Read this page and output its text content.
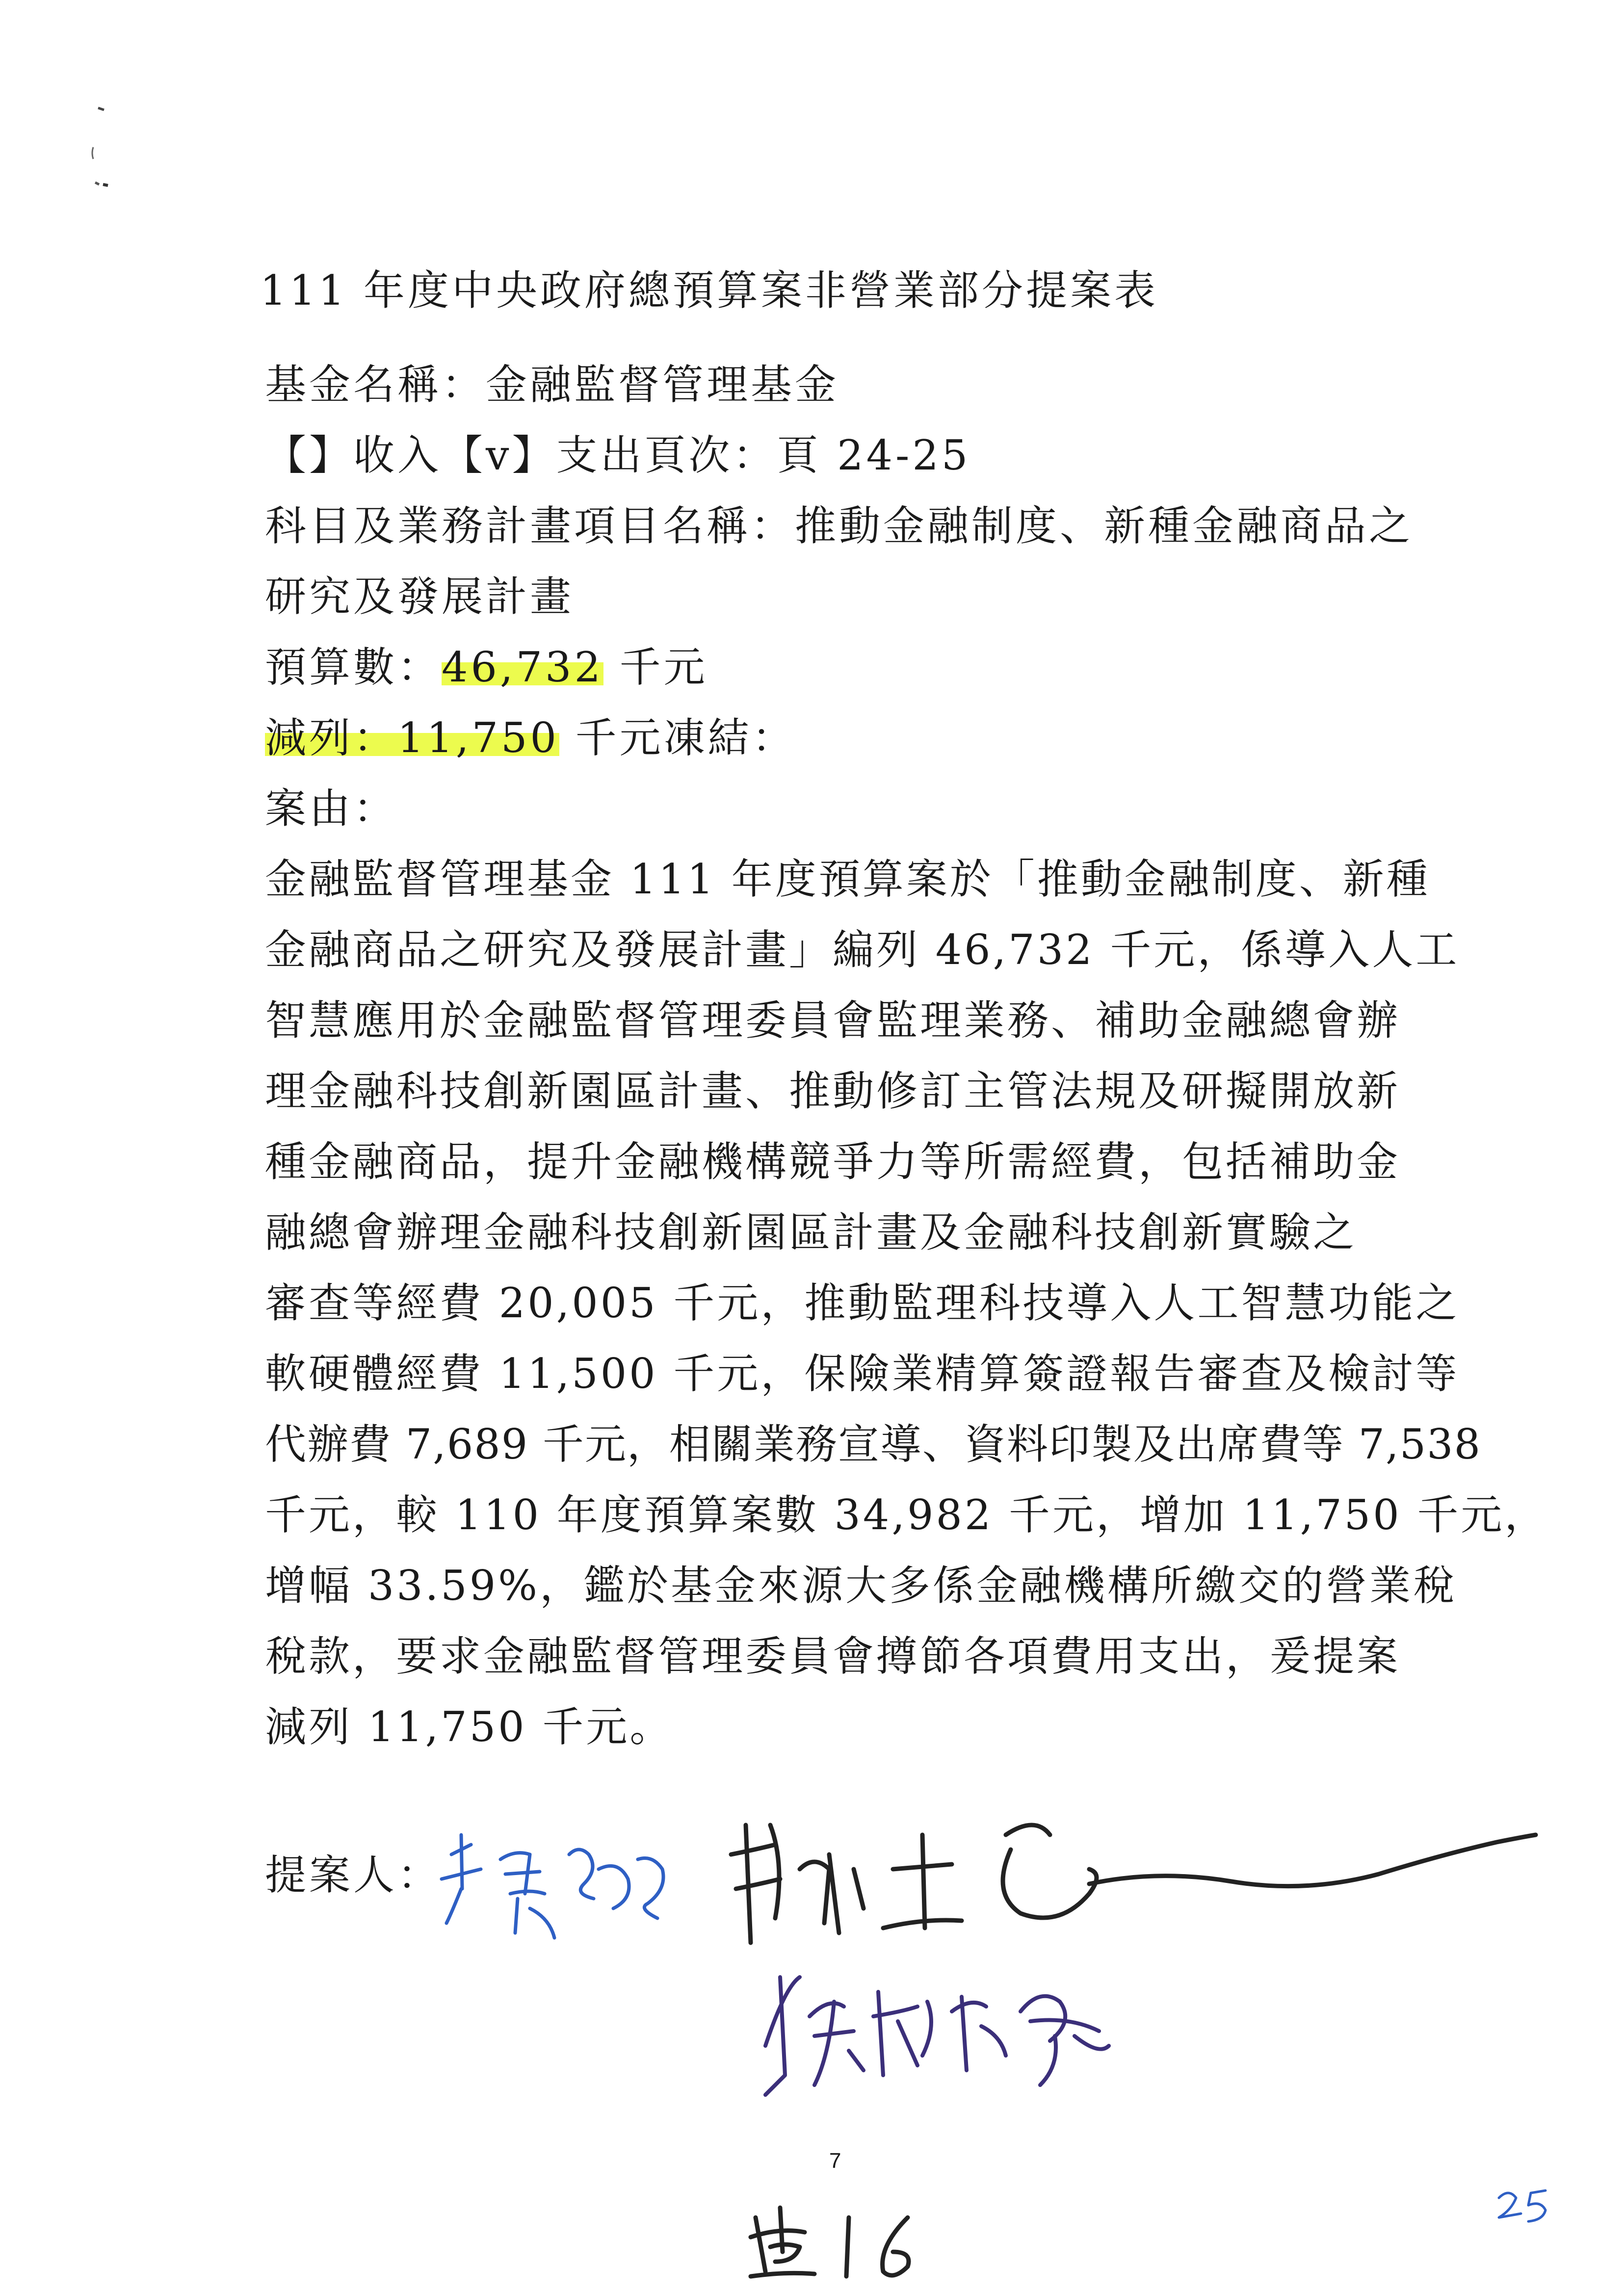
111 年度中央政府總預算案非營業部分提案表
基金名稱：金融監督管理基金
【】收入【v】支出頁次：頁 24-25
科目及業務計畫項目名稱：推動金融制度、新種金融商品之
研究及發展計畫
預算數：46,732 千元
減列：11,750 千元凍結：
案由：
金融監督管理基金 111 年度預算案於「推動金融制度、新種
金融商品之研究及發展計畫」編列 46,732 千元，係導入人工
智慧應用於金融監督管理委員會監理業務、補助金融總會辦
理金融科技創新園區計畫、推動修訂主管法規及研擬開放新
種金融商品，提升金融機構競爭力等所需經費，包括補助金
融總會辦理金融科技創新園區計畫及金融科技創新實驗之
審查等經費 20,005 千元，推動監理科技導入人工智慧功能之
軟硬體經費 11,500 千元，保險業精算簽證報告審查及檢討等
代辦費 7,689 千元，相關業務宣導、資料印製及出席費等 7,538
千元，較 110 年度預算案數 34,982 千元，增加 11,750 千元，
增幅 33.59%，鑑於基金來源大多係金融機構所繳交的營業稅
稅款，要求金融監督管理委員會撙節各項費用支出，爰提案
減列 11,750 千元。
提案人：
7
